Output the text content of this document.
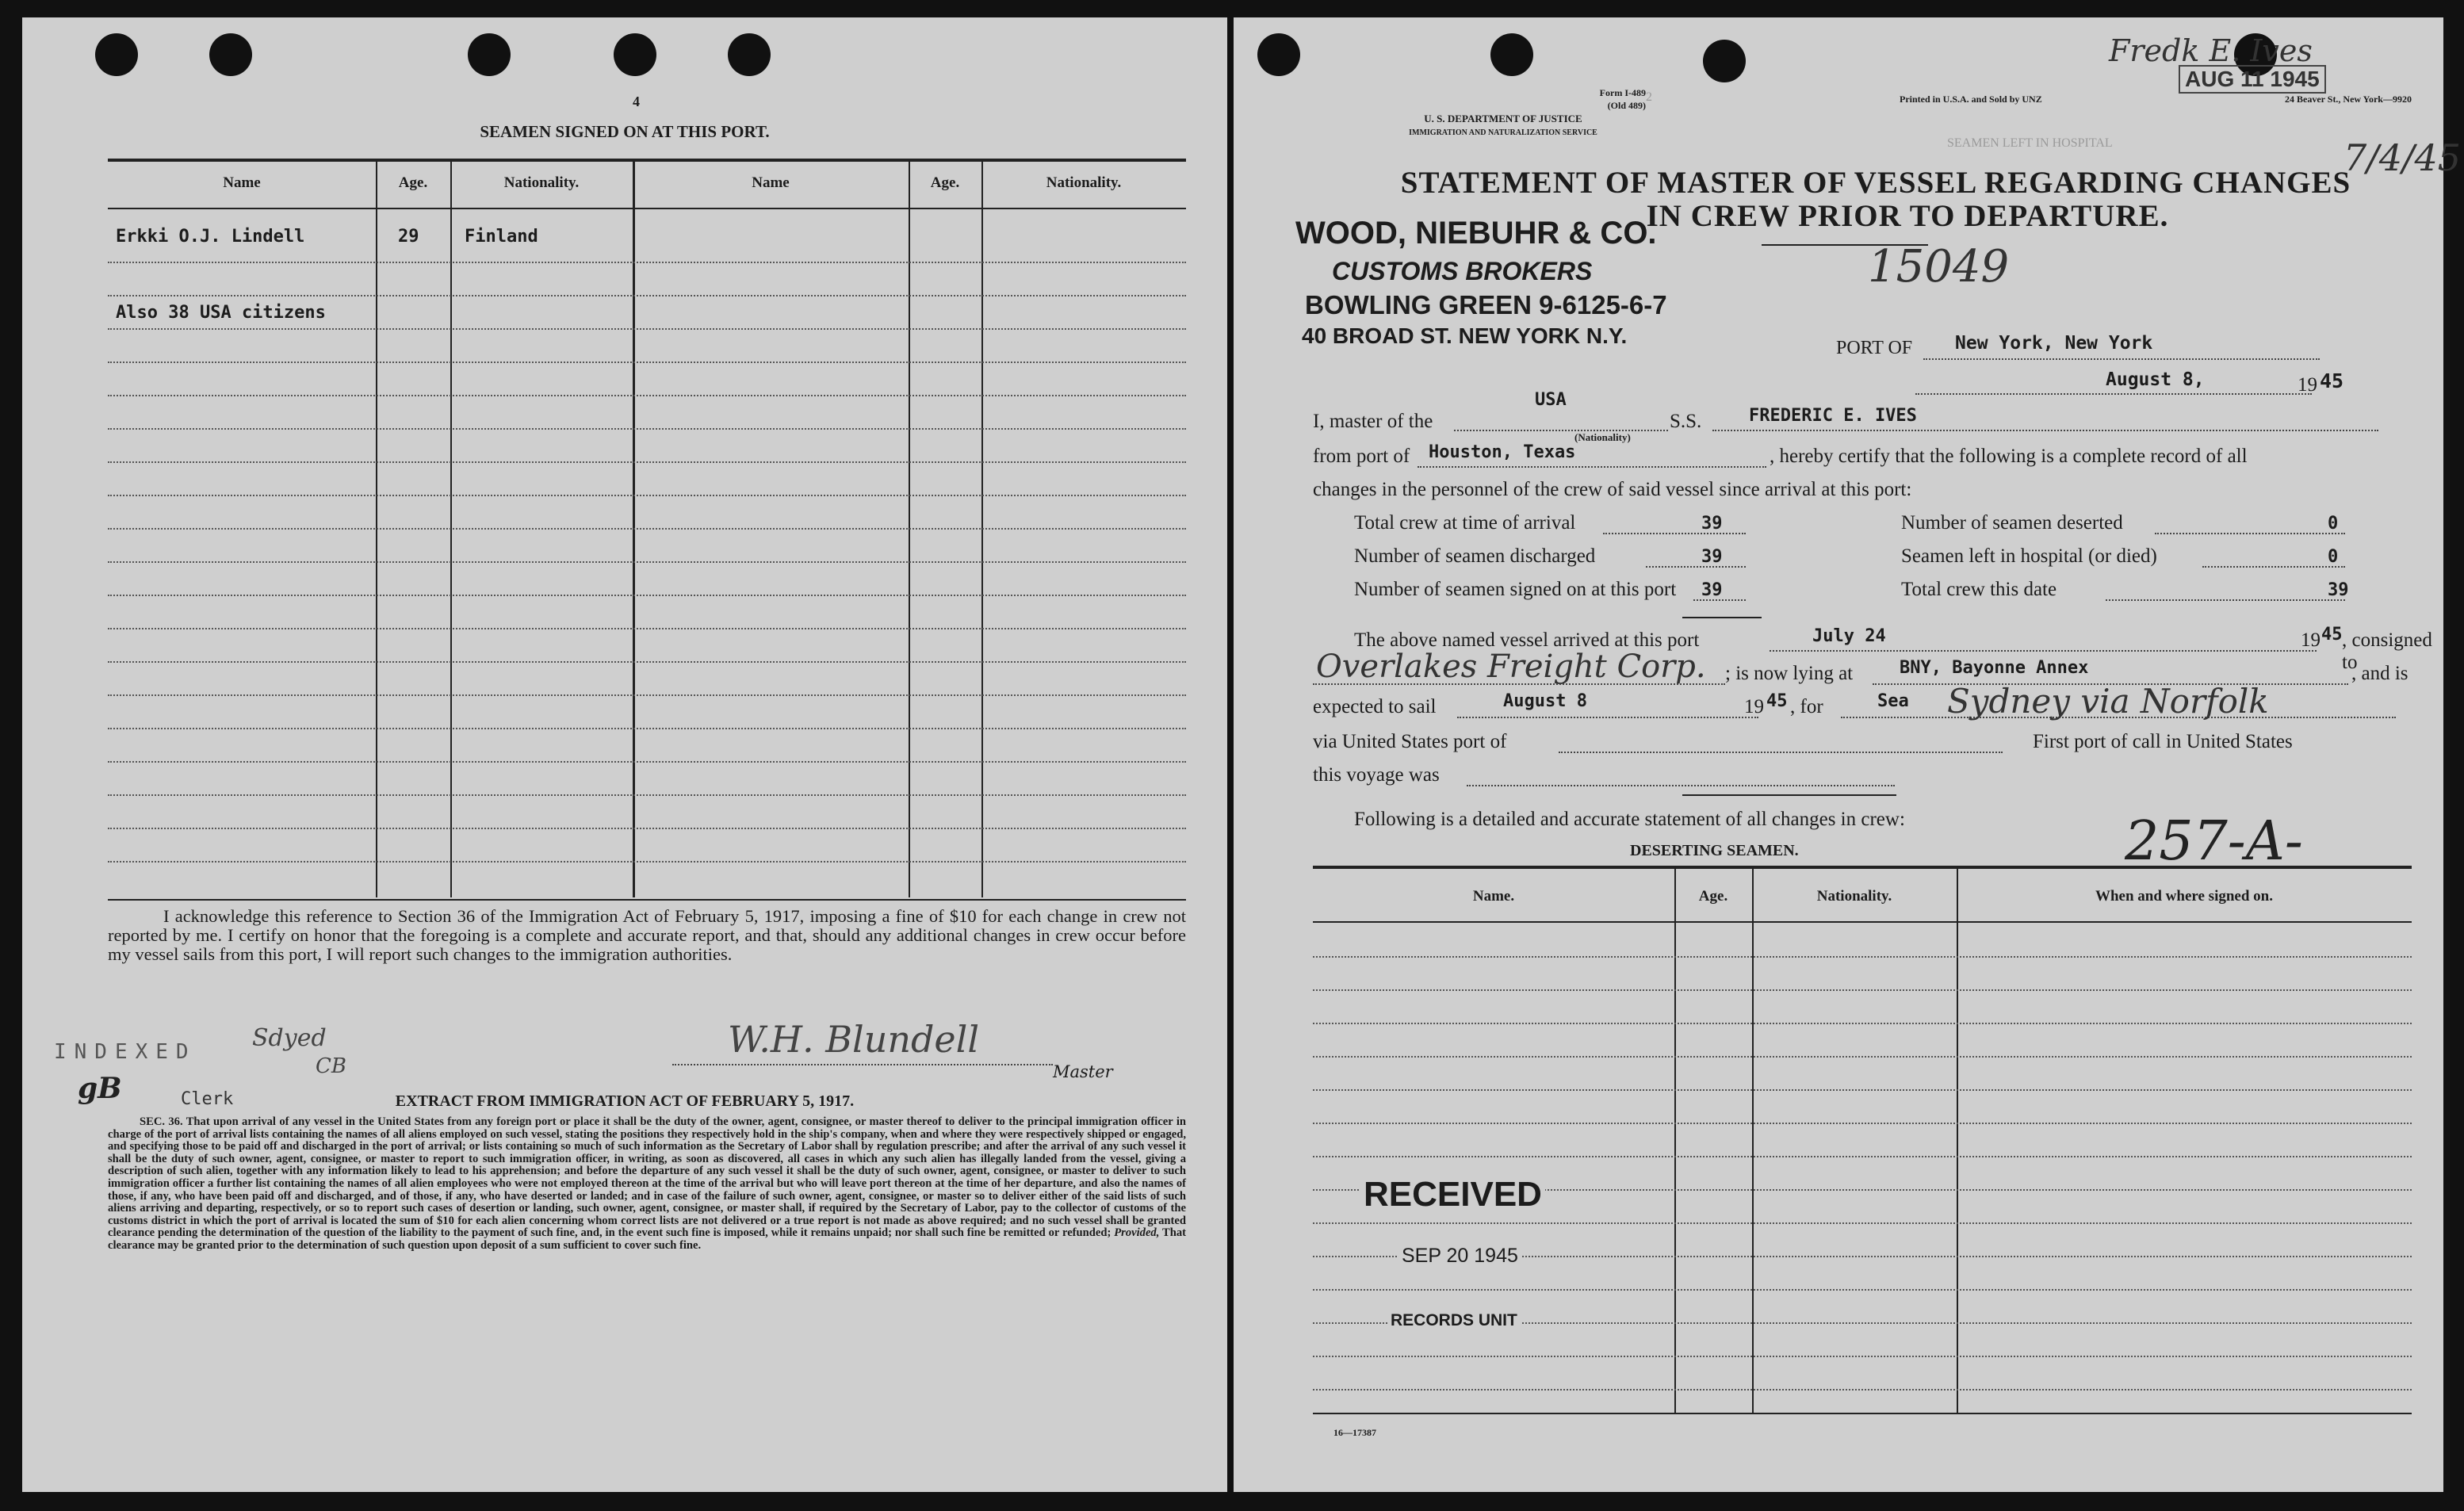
4
SEAMEN SIGNED ON AT THIS PORT.
Name	Age.	Nationality.	Name	Age.	Nationality.
Erkki O.J. Lindell	29	Finland
Also 38 USA citizens
I acknowledge this reference to Section 36 of the Immigration Act of February 5, 1917, imposing a fine of $10 for each change in crew not reported by me. I certify on honor that the foregoing is a complete and accurate report, and that, should any additional changes in crew occur before my vessel sails from this port, I will report such changes to the immigration authorities.
INDEXED Sdyed
CB
gB	Clerk
W.H. Blundell
Master
EXTRACT FROM IMMIGRATION ACT OF FEBRUARY 5, 1917.
SEC. 36. That upon arrival of any vessel in the United States from any foreign port or place it shall be the duty of the owner, agent, consignee, or master thereof to deliver to the principal immigration officer in charge of the port of arrival lists containing the names of all aliens employed on such vessel, stating the positions they respectively hold in the ship's company, when and where they were respectively shipped or engaged, and specifying those to be paid off and discharged in the port of arrival; or lists containing so much of such information as the Secretary of Labor shall by regulation prescribe; and after the arrival of any such vessel it shall be the duty of such owner, agent, consignee, or master to report to such immigration officer, in writing, as soon as discovered, all cases in which any such alien has illegally landed from the vessel, giving a description of such alien, together with any information likely to lead to his apprehension; and before the departure of any such vessel it shall be the duty of such owner, agent, consignee, or master to deliver to such immigration officer a further list containing the names of all alien employees who were not employed thereon at the time of the arrival but who will leave port thereon at the time of her departure, and also the names of those, if any, who have been paid off and discharged, and of those, if any, who have deserted or landed; and in case of the failure of such owner, agent, consignee, or master so to deliver either of the said lists of such aliens arriving and departing, respectively, or so to report such cases of desertion or landing, such owner, agent, consignee, or master shall, if required by the Secretary of Labor, pay to the collector of customs of the customs district in which the port of arrival is located the sum of $10 for each alien concerning whom correct lists are not delivered or a true report is not made as above required; and no such vessel shall be granted clearance pending the determination of the question of the liability to the payment of such fine, and, in the event such fine is imposed, while it remains unpaid; nor shall such fine be remitted or refunded; Provided, That clearance may be granted prior to the determination of such question upon deposit of a sum sufficient to cover such fine.
2
SEAMEN LEFT IN HOSPITAL
Form I-489
(Old 489)
U. S. DEPARTMENT OF JUSTICE
IMMIGRATION AND NATURALIZATION SERVICE
Printed in U.S.A. and Sold by UNZ	24 Beaver St., New York—9920
Fredk E. Ives
AUG 11 1945
7/4/45
STATEMENT OF MASTER OF VESSEL REGARDING CHANGES
IN CREW PRIOR TO DEPARTURE.
WOOD, NIEBUHR & CO.
CUSTOMS BROKERS
BOWLING GREEN 9-6125-6-7
40 BROAD ST. NEW YORK N.Y.
15049
PORT OF New York, New York
August 8,	19 45
I, master of the
USA
(Nationality)
S.S.	FREDERIC E. IVES
from port of Houston, Texas	, hereby certify that the following is a complete record of all
changes in the personnel of the crew of said vessel since arrival at this port:
Total crew at time of arrival	39	Number of seamen deserted	0
Number of seamen discharged	39	Seamen left in hospital (or died)	0
Number of seamen signed on at this port 39	Total crew this date	39
The above named vessel arrived at this port	July 24	19 45 , consigned to
Overlakes Freight Corp. ; is now lying at	BNY, Bayonne Annex	, and is
expected to sail	August 8	19 45 , for	Sea Sydney via Norfolk
via United States port of	First port of call in United States
this voyage was
Following is a detailed and accurate statement of all changes in crew:
DESERTING SEAMEN.	257-A-
Name.	Age.	Nationality.	When and where signed on.
RECEIVED
SEP 20 1945
RECORDS UNIT
16—17387
